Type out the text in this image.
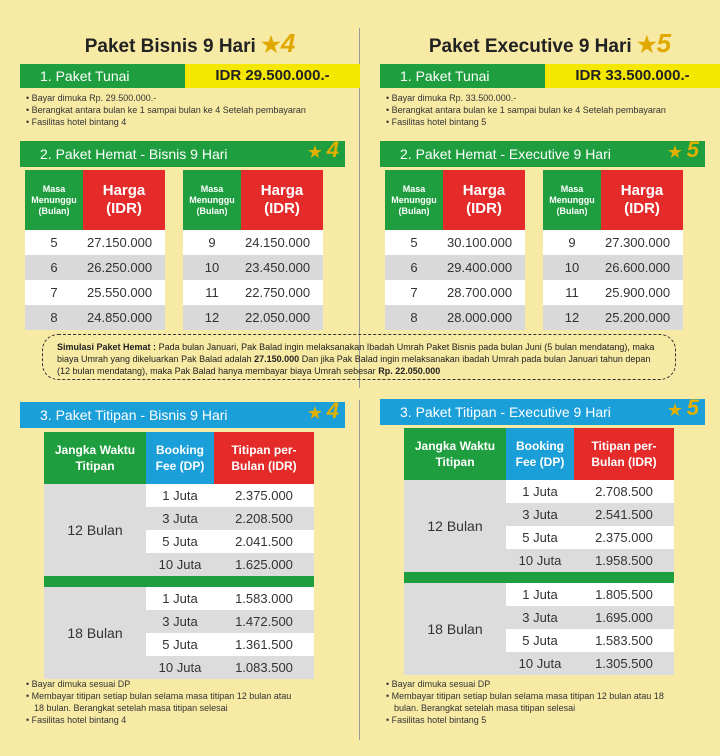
Paket Bisnis 9 Hari ★4
1. Paket Tunai	IDR 29.500.000.-
• Bayar dimuka Rp. 29.500.000.-
• Berangkat antara bulan ke 1 sampai bulan ke 4 Setelah pembayaran
• Fasilitas hotel bintang 4
2. Paket Hemat - Bisnis 9 Hari	★ 4
Masa Menunggu (Bulan)	Harga (IDR)
5	27.150.000
6	26.250.000
7	25.550.000
8	24.850.000
Masa Menunggu (Bulan)	Harga (IDR)
9	24.150.000
10	23.450.000
11	22.750.000
12	22.050.000
3. Paket Titipan - Bisnis 9 Hari	★ 4
Jangka Waktu Titipan	Booking Fee (DP)	Titipan per- Bulan (IDR)
12 Bulan	1 Juta	2.375.000
	3 Juta	2.208.500
	5 Juta	2.041.500
	10 Juta	1.625.000

18 Bulan	1 Juta	1.583.000
	3 Juta	1.472.500
	5 Juta	1.361.500
	10 Juta	1.083.500
• Bayar dimuka sesuai DP
• Membayar titipan setiap bulan selama masa titipan 12 bulan atau
18 bulan. Berangkat setelah masa titipan selesai
• Fasilitas hotel bintang 4
Paket Executive 9 Hari ★5
1. Paket Tunai	IDR 33.500.000.-
• Bayar dimuka Rp. 33.500.000.-
• Berangkat antara bulan ke 1 sampai bulan ke 4 Setelah pembayaran
• Fasilitas hotel bintang 5
2. Paket Hemat - Executive 9 Hari	★ 5
Masa Menunggu (Bulan)	Harga (IDR)
5	30.100.000
6	29.400.000
7	28.700.000
8	28.000.000
Masa Menunggu (Bulan)	Harga (IDR)
9	27.300.000
10	26.600.000
11	25.900.000
12	25.200.000
3. Paket Titipan - Executive 9 Hari	★ 5
Jangka Waktu Titipan	Booking Fee (DP)	Titipan per- Bulan (IDR)
12 Bulan	1 Juta	2.708.500
	3 Juta	2.541.500
	5 Juta	2.375.000
	10 Juta	1.958.500

18 Bulan	1 Juta	1.805.500
	3 Juta	1.695.000
	5 Juta	1.583.500
	10 Juta	1.305.500
• Bayar dimuka sesuai DP
• Membayar titipan setiap bulan selama masa titipan 12 bulan atau 18
bulan. Berangkat setelah masa titipan selesai
• Fasilitas hotel bintang 5
Simulasi Paket Hemat : Pada bulan Januari, Pak Balad ingin melaksanakan Ibadah Umrah Paket Bisnis pada bulan Juni (5 bulan mendatang), maka biaya Umrah yang dikeluarkan Pak Balad adalah 27.150.000 Dan jika Pak Balad ingin melaksanakan ibadah Umrah pada bulan Januari tahun depan (12 bulan mendatang), maka Pak Balad hanya membayar biaya Umrah sebesar Rp. 22.050.000
